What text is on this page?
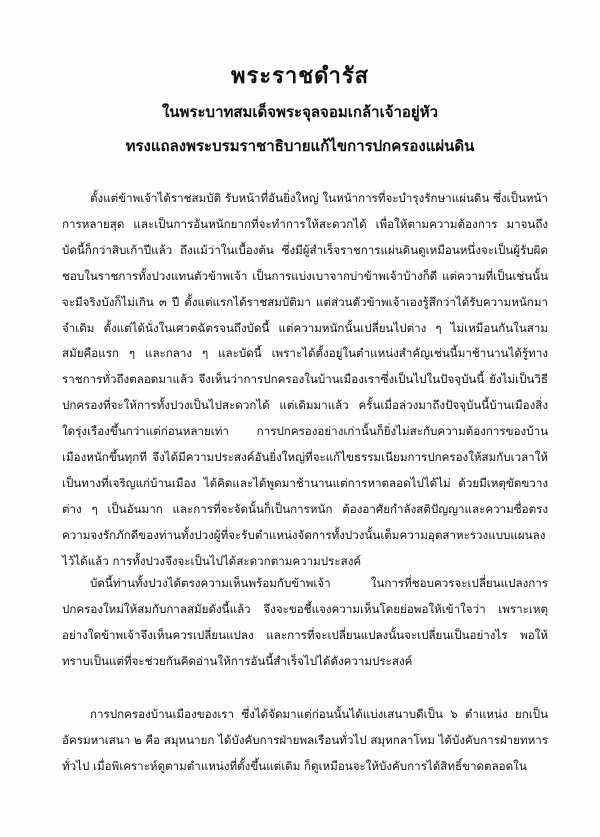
พระราชดำรัส
ในพระบาทสมเด็จพระจุลจอมเกล้าเจ้าอยู่หัว
ทรงแถลงพระบรมราชาธิบายแก้ไขการปกครองแผ่นดิน

ตั้งแต่ข้าพเจ้าได้ราชสมบัติ รับหน้าที่อันยิ่งใหญ่ ในหน้าการที่จะบำรุงรักษาแผ่นดิน ซึ่งเป็นหน้าการหลายสุด และเป็นการอันหนักยากที่จะทำการให้สะดวกได้ เพื่อให้ตามความต้องการ มาจนถึงบัดนี้ก็กว่าสิบเก้าปีแล้ว ถึงแม้ว่าในเบื้องต้น ซึ่งมีผู้สำเร็จราชการแผ่นดินดูเหมือนหนึ่งจะเป็นผู้รับผิดชอบในราชการทั้งปวงแทนตัวข้าพเจ้า เป็นการแบ่งเบาจากบ่าข้าพเจ้าบ้างก็ดี แต่ความที่เป็นเช่นนั้นจะมีจริงบังก็ไม่เกิน ๓ ปี ตั้งแต่แรกได้ราชสมบัติมา แต่ส่วนตัวข้าพเจ้าเองรู้สึกว่าได้รับความหนักมาจำเดิม ตั้งแต่ได้นั่งในเศวตฉัตรจนถึงบัดนี้ แต่ความหนักนั้นเปลี่ยนไปต่าง ๆ ไม่เหมือนกันในสามสมัยคือแรก ๆ และกลาง ๆ และบัดนี้ เพราะได้ตั้งอยู่ในตำแหน่งสำคัญเช่นนี้มาช้านานได้รู้ทางราชการทั่วถึงตลอดมาแล้ว จึงเห็นว่าการปกครองในบ้านเมืองเราซึ่งเป็นไปในปัจจุบันนี้ ยังไม่เป็นวิธีปกครองที่จะให้การทั้งปวงเป็นไปสะดวกได้ แต่เดิมมาแล้ว ครั้นเมื่อล่วงมาถึงปัจจุบันนี้บ้านเมืองสิ่งใดรุ่งเรืองขึ้นกว่าแต่ก่อนหลายเท่า การปกครองอย่างเก่านั้นก็ยิ่งไม่สะกับความต้องการของบ้านเมืองหนักขึ้นทุกที จึงได้มีความประสงค์อันยิ่งใหญ่ที่จะแก้ไขธรรมเนียมการปกครองให้สมกับเวลาให้เป็นทางที่เจริญแก่บ้านเมือง ได้คิดและได้พูดมาช้านานแต่การหาตลอดไปได้ไม่ ด้วยมีเหตุขัดขวางต่าง ๆ เป็นอันมาก และการที่จะจัดนั้นก็เป็นการหนัก ต้องอาศัยกำลังสติปัญญาและความซื่อตรง ความจงรักภักดีของท่านทั้งปวงผู้ที่จะรับตำแหน่งจัดการทั้งปวงนั้นเต็มความอุตสาหะรวงแบบแผนลงไว้ได้แล้ว การทั้งปวงจึงจะเป็นไปได้สะดวกตามความประสงค์

บัดนี้ท่านทั้งปวงได้ตรงความเห็นพร้อมกับข้าพเจ้า ในการที่ชอบควรจะเปลี่ยนแปลงการปกครองใหม่ให้สมกับกาลสมัยดังนี้แล้ว จึงจะขอชี้แจงความเห็นโดยย่อพอให้เข้าใจว่า เพราะเหตุอย่างใดข้าพเจ้าจึงเห็นควรเปลี่ยนแปลง และการที่จะเปลี่ยนแปลงนั้นจะเปลี่ยนเป็นอย่างไร พอให้ทราบเป็นแต่ที่จะช่วยกันคิดอ่านให้การอันนี้สำเร็จไปได้ดังความประสงค์

การปกครองบ้านเมืองของเรา ซึ่งได้จัดมาแต่ก่อนนั้นได้แบ่งเสนาบดีเป็น ๖ ตำแหน่ง ยกเป็นอัครมหาเสนา ๒ คือ สมุหนายก ได้บังคับการฝ่ายพลเรือนทั่วไป สมุหกลาโหม ได้บังคับการฝ่ายทหารทั่วไป เมื่อพิเคราะห์ดูตามตำแหน่งที่ตั้งขึ้นแต่เดิม ก็ดูเหมือนจะให้บังคับการได้สิทธิ์ขาดตลอดใน
